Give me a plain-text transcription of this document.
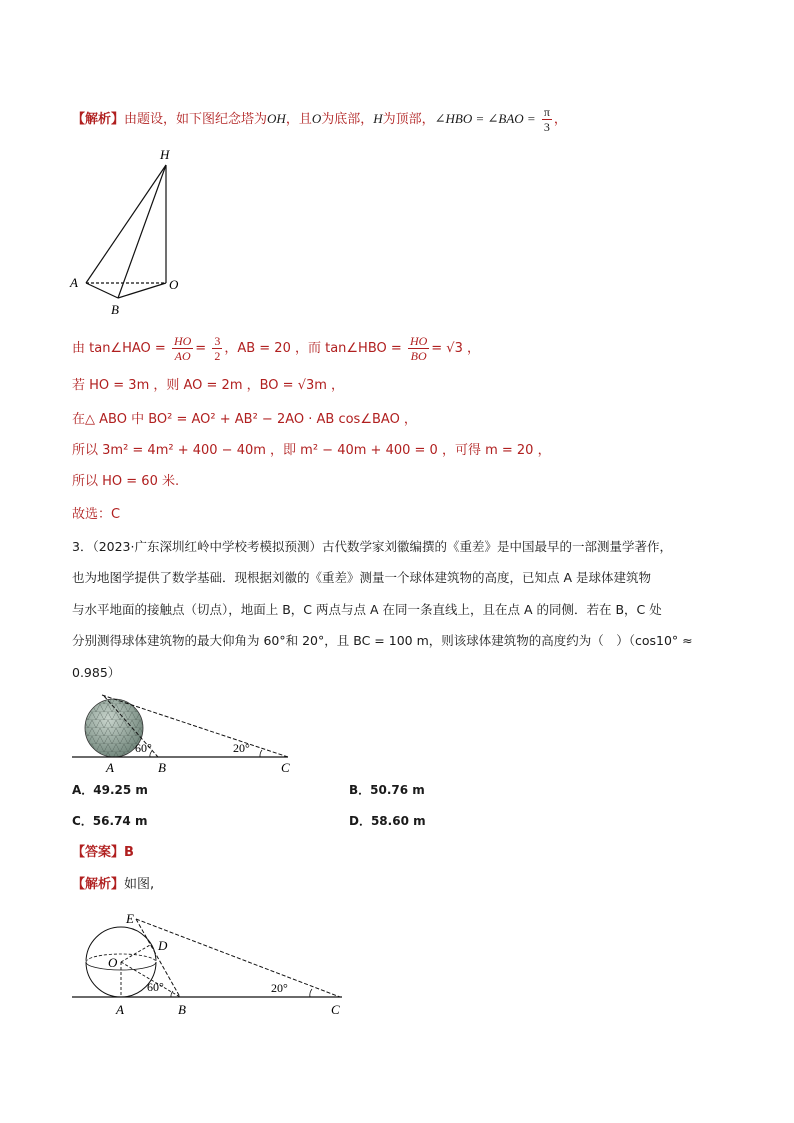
【解析】由题设，如下图纪念塔为OH，且O为底部，H为顶部，∠HBO = ∠BAO = $\frac{\pi}{3}$ ，
H
A	O
B
由 tan∠HAO = $\frac{HO}{AO} = \frac{3}{2}$ ，AB = 20 ，而 tan∠HBO = $\frac{HO}{BO} = √3$ ，
若 HO = 3m ，则 AO = 2m ，BO = √3m ，
在△ ABO 中 BO² = AO² + AB² − 2AO · AB cos∠BAO ，
所以 3m² = 4m² + 400 − 40m ，即 m² − 40m + 400 = 0 ，可得 m = 20 ，
所以 HO = 60 米.
故选：C
3．（2023·广东深圳红岭中学校考模拟预测）古代数学家刘徽编撰的《重差》是中国最早的一部测量学著作，
也为地图学提供了数学基础．现根据刘徽的《重差》测量一个球体建筑物的高度，已知点 A 是球体建筑物
与水平地面的接触点（切点），地面上 B，C 两点与点 A 在同一条直线上，且在点 A 的同侧．若在 B，C 处
分别测得球体建筑物的最大仰角为 60°和 20°，且 BC = 100 m，则该球体建筑物的高度约为（　）（cos10° ≈
0.985）
60°	20°
A	B	C
A．49.25 m	B．50.76 m
C．56.74 m	D．58.60 m
【答案】B
【解析】如图,
E
D
O
60°	20°
A	B	C
